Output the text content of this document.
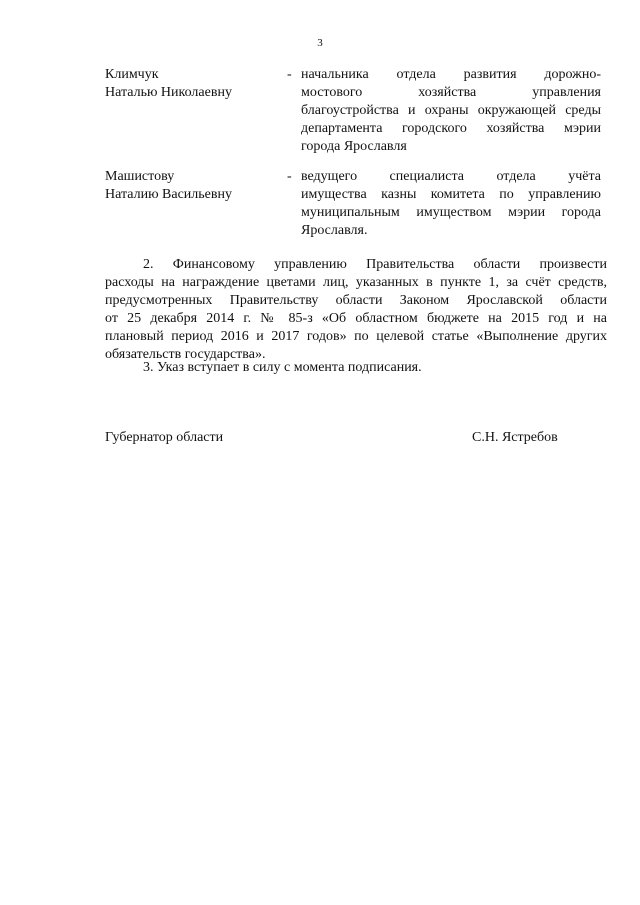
3
Климчук
Наталью Николаевну
- начальника отдела развития дорожно-
мостового хозяйства управления
благоустройства и охраны окружающей среды
департамента городского хозяйства мэрии
города Ярославля
Машистову
Наталию Васильевну
- ведущего специалиста отдела учёта
имущества казны комитета по управлению
муниципальным имуществом мэрии города
Ярославля.
2. Финансовому управлению Правительства области произвести
расходы на награждение цветами лиц, указанных в пункте 1, за счёт средств,
предусмотренных Правительству области Законом Ярославской области
от 25 декабря 2014 г. № 85-з «Об областном бюджете на 2015 год и на
плановый период 2016 и 2017 годов» по целевой статье «Выполнение других
обязательств государства».
3. Указ вступает в силу с момента подписания.
Губернатор области	С.Н. Ястребов
